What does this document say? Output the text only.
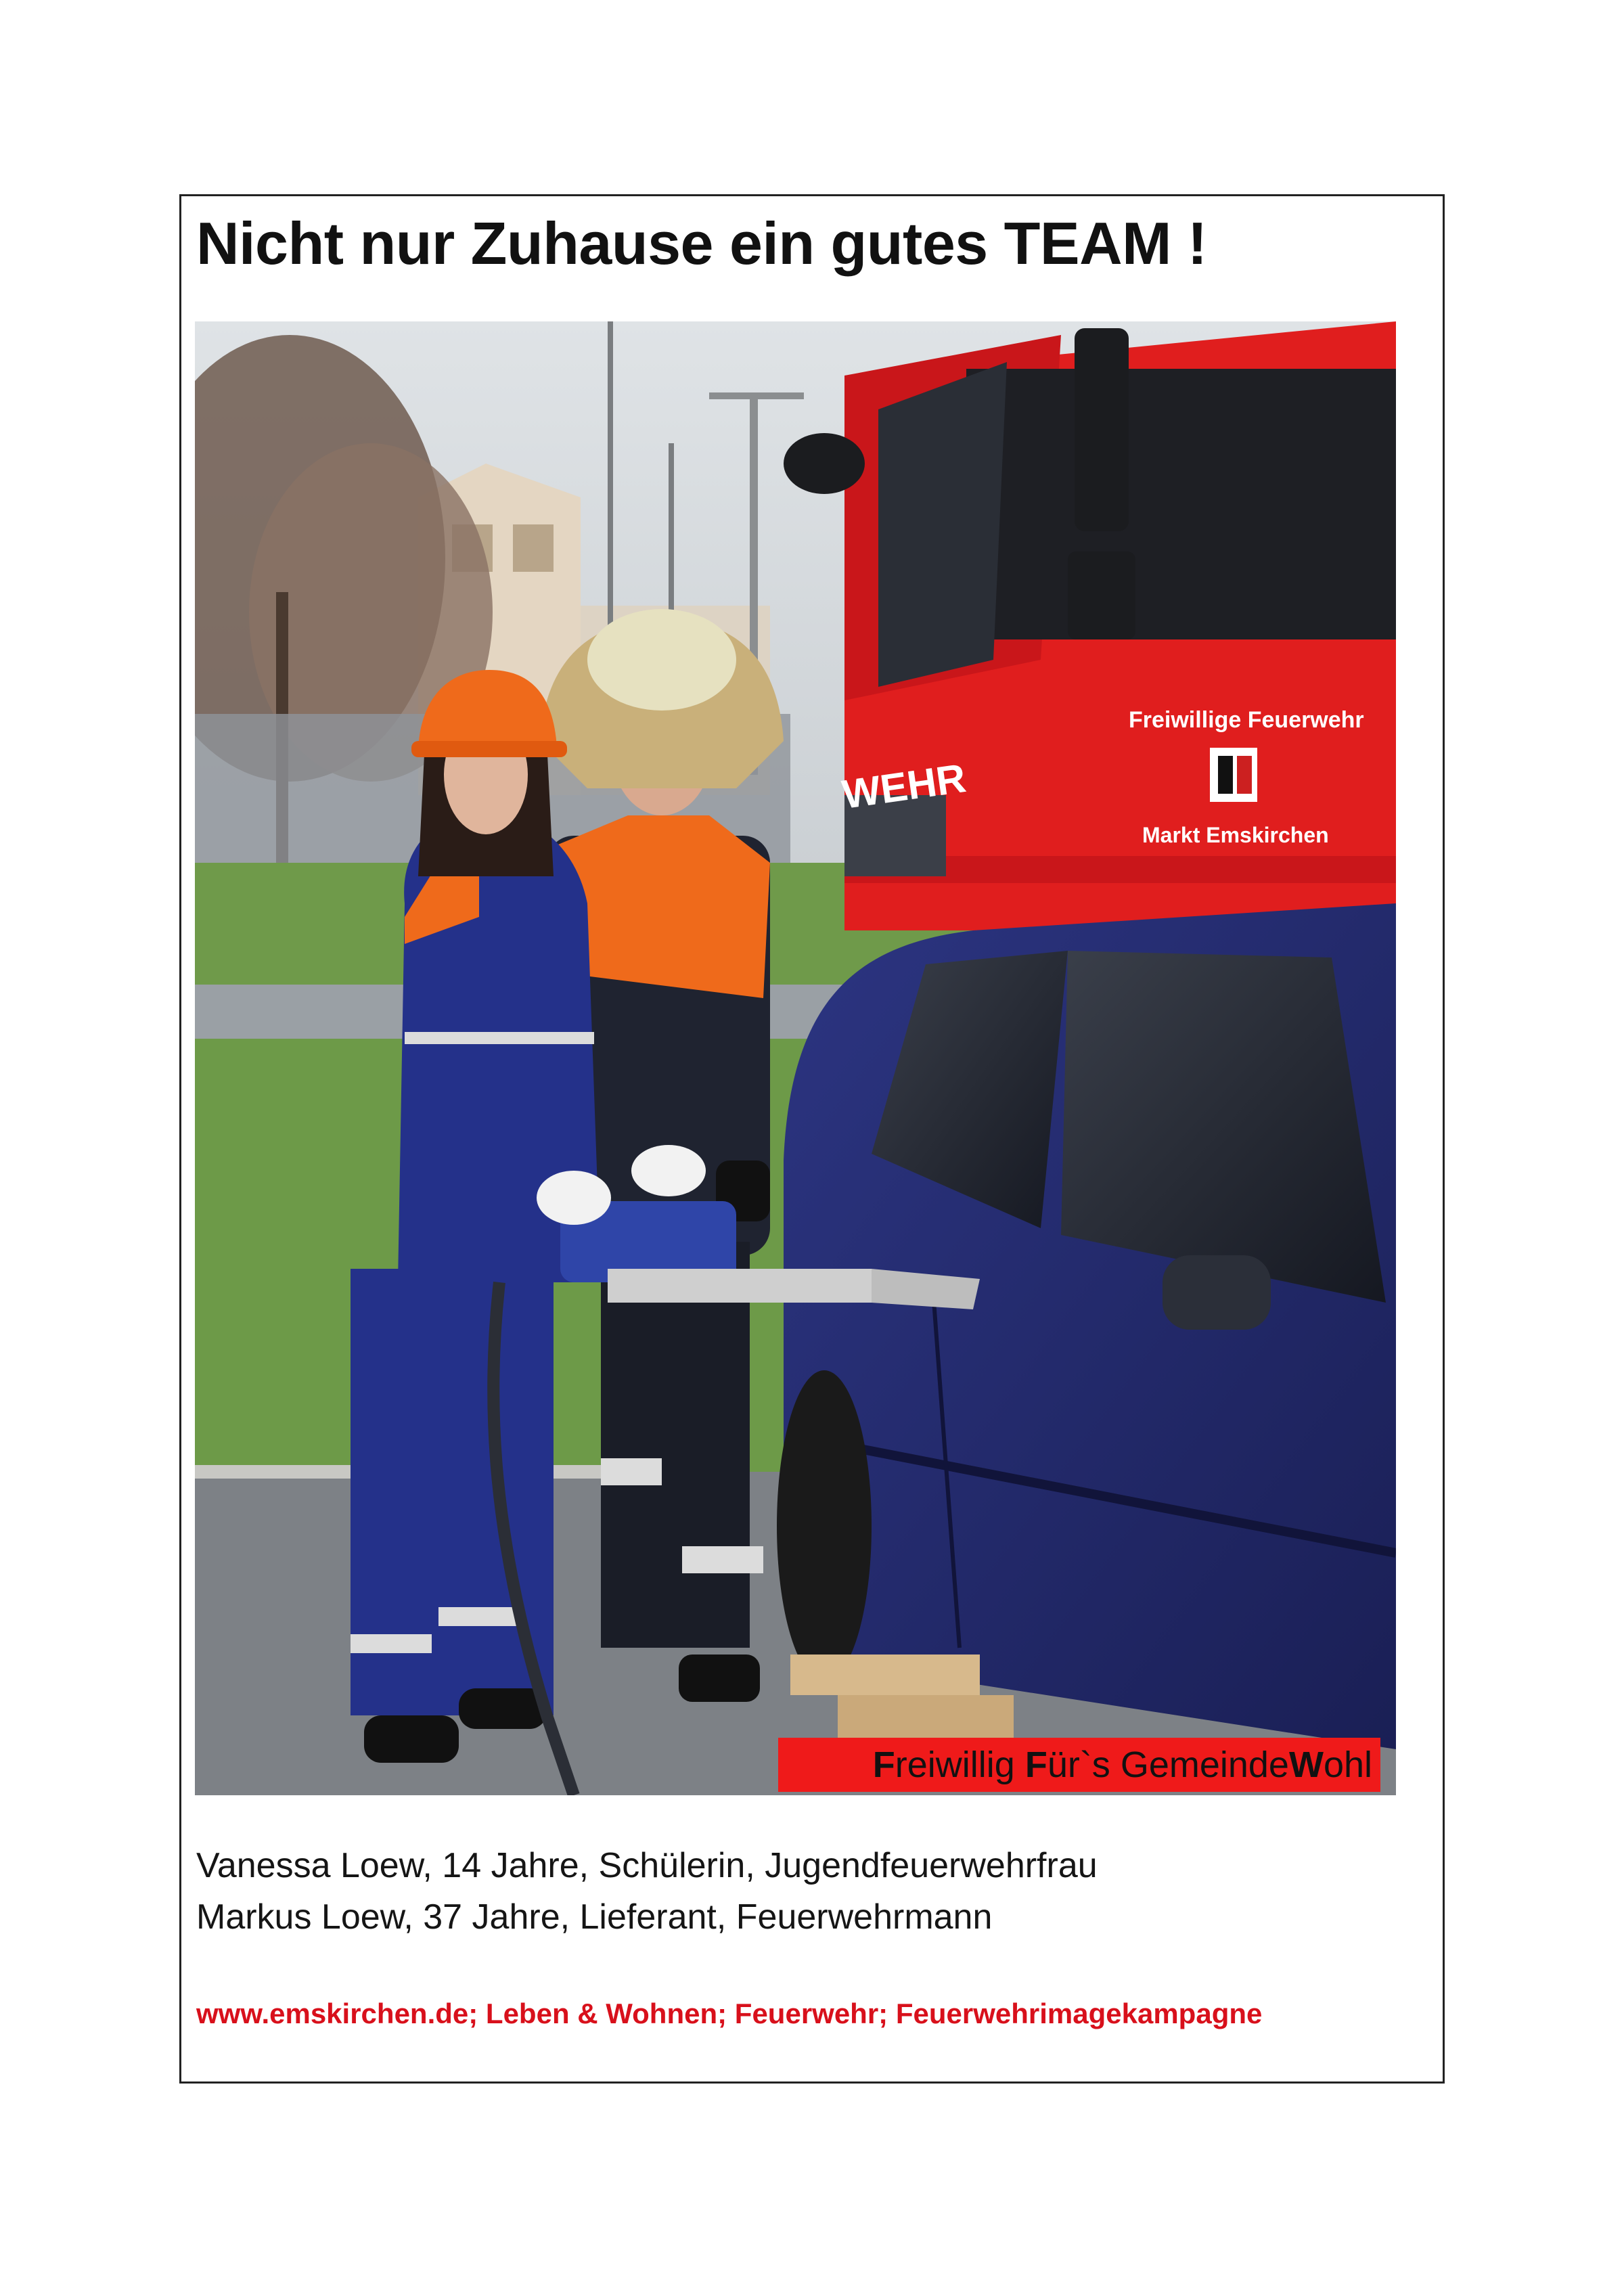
Nicht nur Zuhause ein gutes TEAM !
Freiwillige Feuerwehr
Markt Emskirchen
WEHR
Freiwillig Für`s GemeindeWohl
Vanessa Loew, 14 Jahre, Schülerin, Jugendfeuerwehrfrau
Markus Loew, 37 Jahre, Lieferant, Feuerwehrmann
www.emskirchen.de; Leben & Wohnen; Feuerwehr; Feuerwehrimagekampagne
